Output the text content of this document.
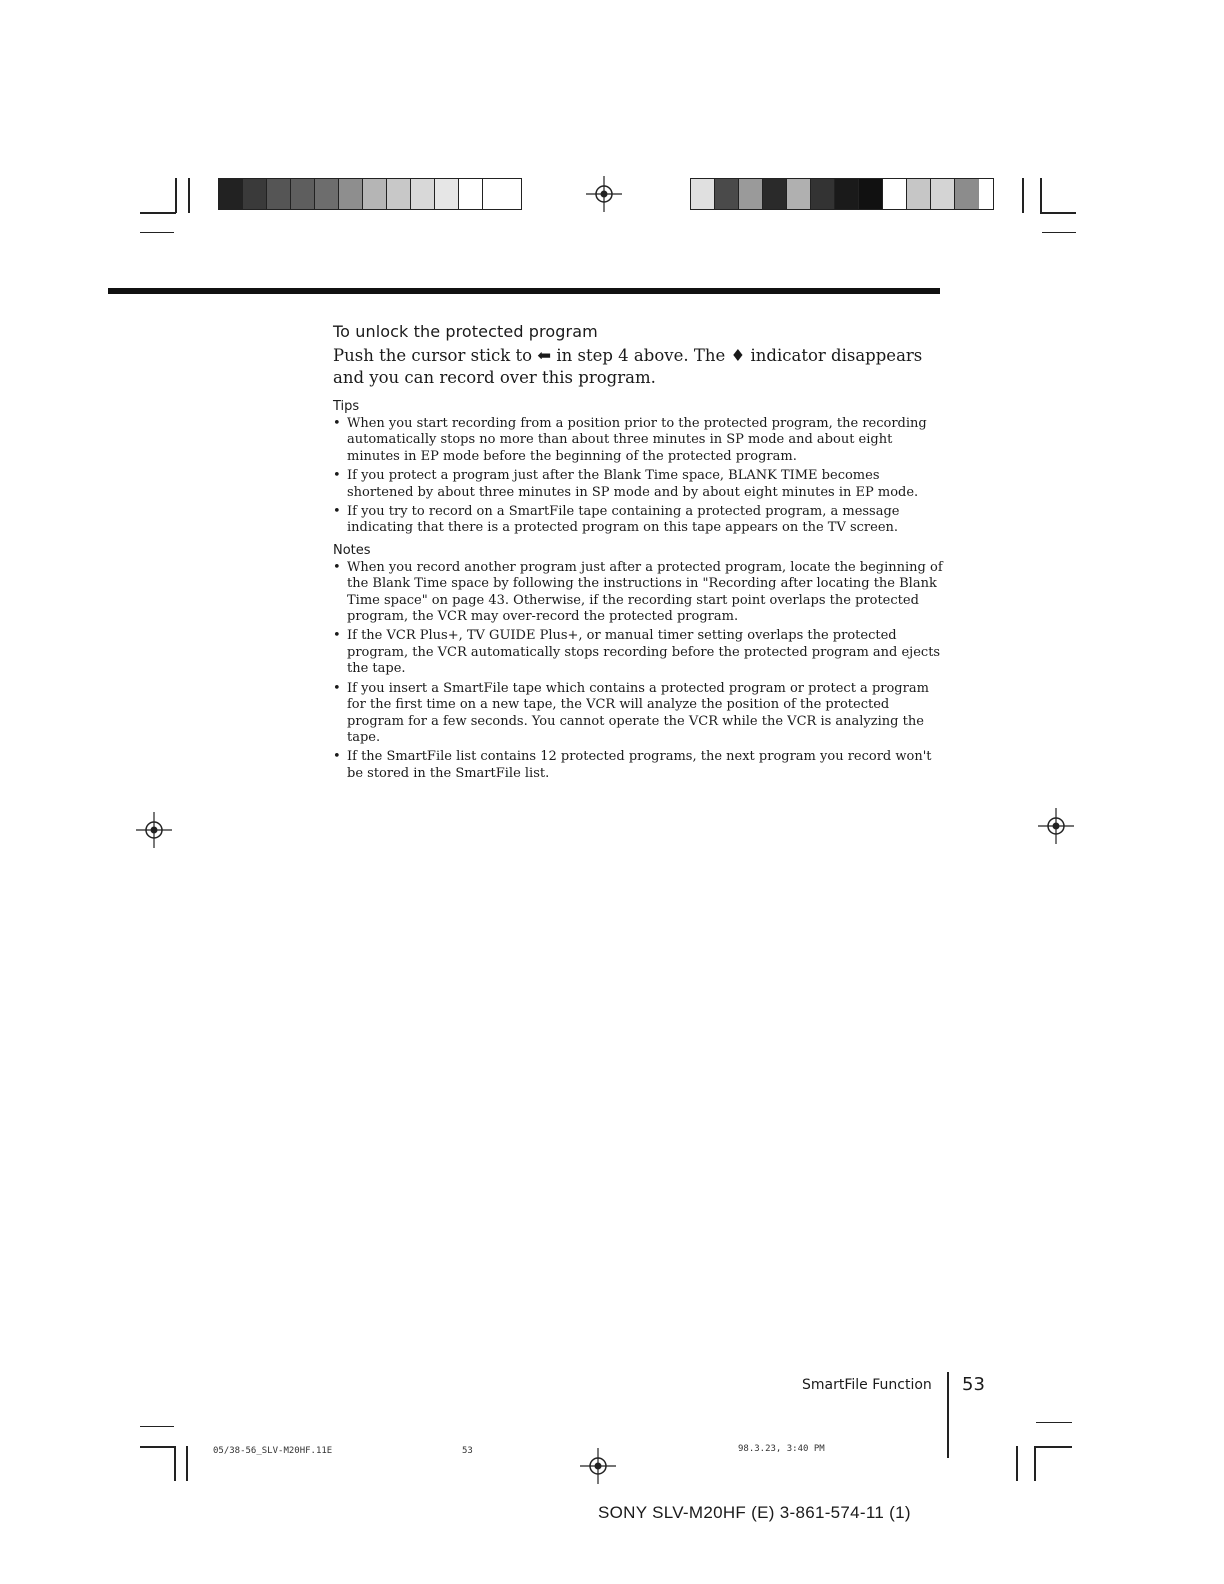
To unlock the protected program

Push the cursor stick to ⬅ in step 4 above. The ♦ indicator disappears and you can record over this program.

Tips
• When you start recording from a position prior to the protected program, the recording automatically stops no more than about three minutes in SP mode and about eight minutes in EP mode before the beginning of the protected program.
• If you protect a program just after the Blank Time space, BLANK TIME becomes shortened by about three minutes in SP mode and by about eight minutes in EP mode.
• If you try to record on a SmartFile tape containing a protected program, a message indicating that there is a protected program on this tape appears on the TV screen.
Notes
• When you record another program just after a protected program, locate the beginning of the Blank Time space by following the instructions in "Recording after locating the Blank Time space" on page 43. Otherwise, if the recording start point overlaps the protected program, the VCR may over-record the protected program.
• If the VCR Plus+, TV GUIDE Plus+, or manual timer setting overlaps the protected program, the VCR automatically stops recording before the protected program and ejects the tape.
• If you insert a SmartFile tape which contains a protected program or protect a program for the first time on a new tape, the VCR will analyze the position of the protected program for a few seconds. You cannot operate the VCR while the VCR is analyzing the tape.
• If the SmartFile list contains 12 protected programs, the next program you record won't be stored in the SmartFile list.
SmartFile Function 53
05/38-56_SLV-M20HF.11E	53	98.3.23, 3:40 PM
SONY SLV-M20HF (E) 3-861-574-11 (1)
